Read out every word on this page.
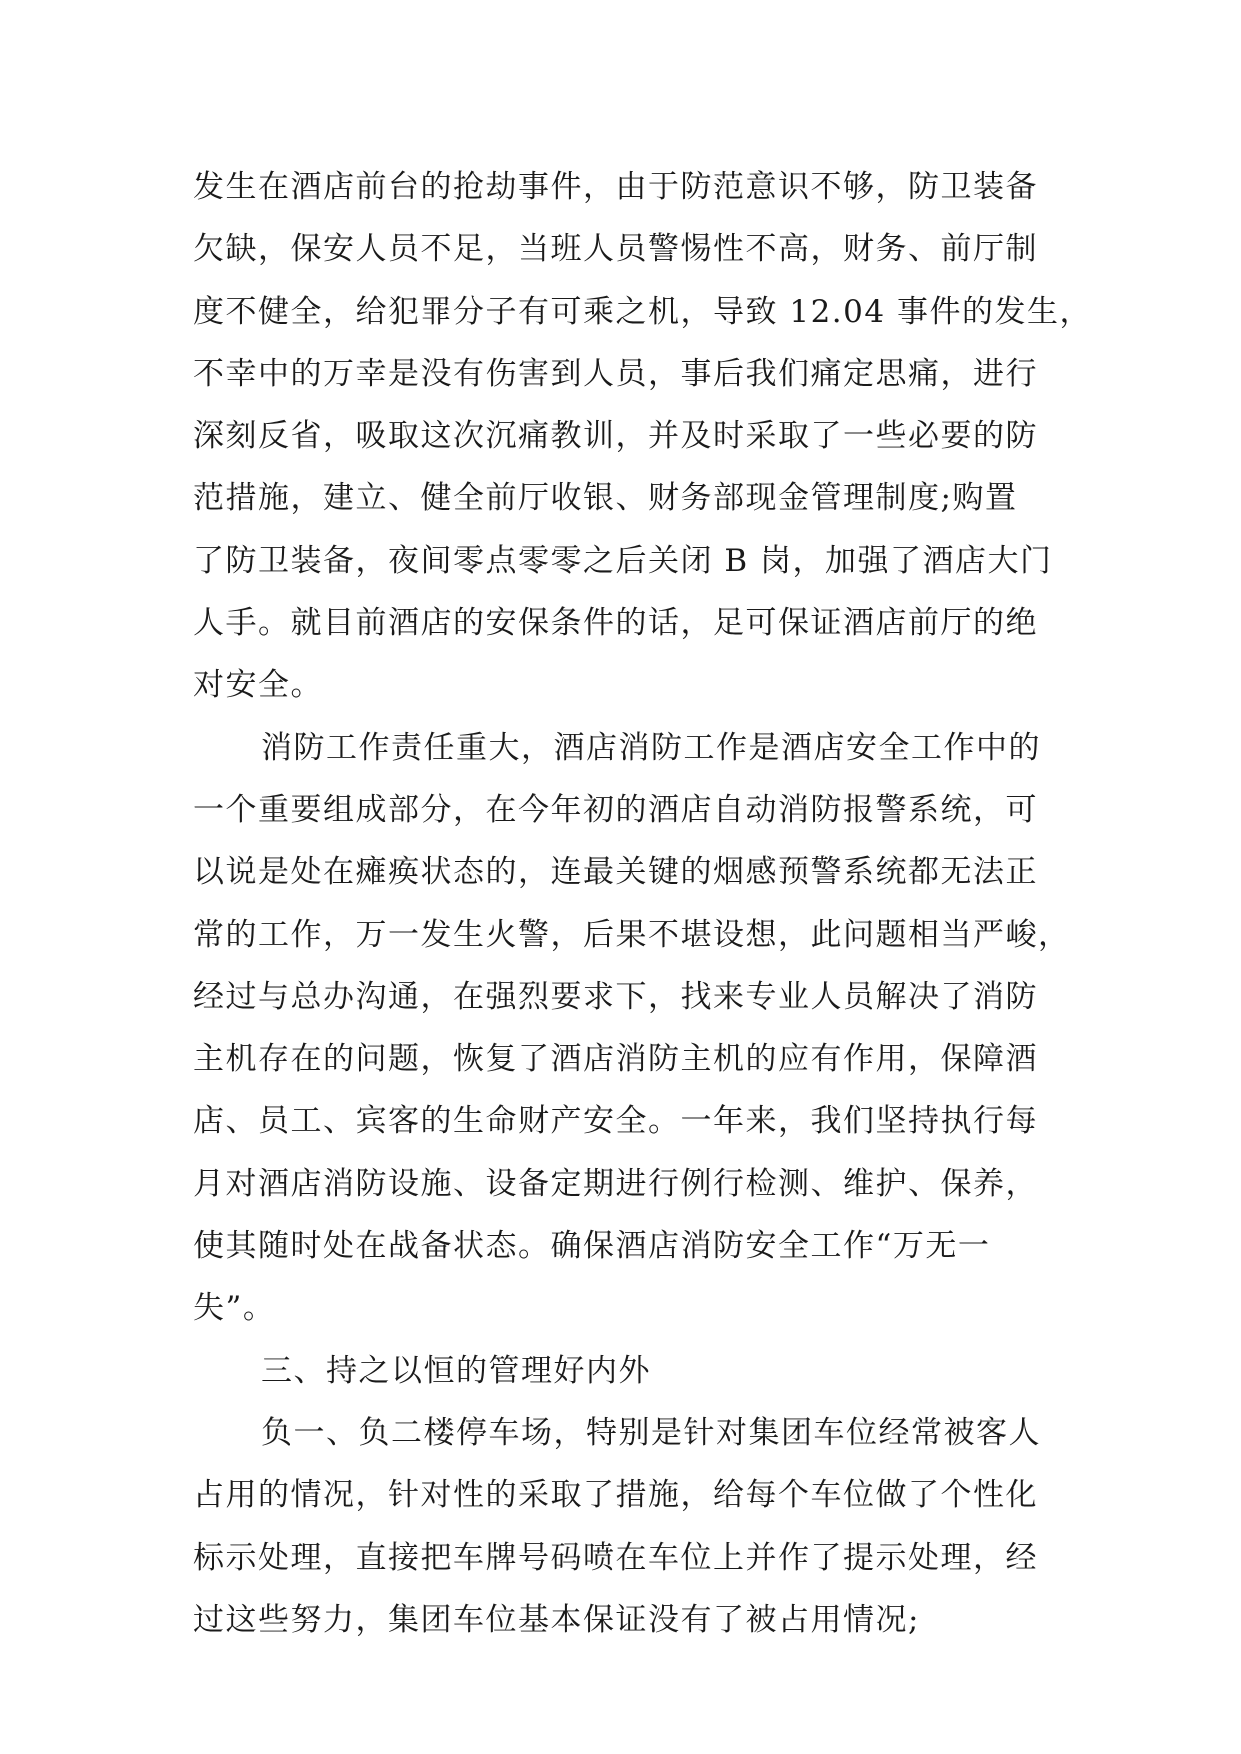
发生在酒店前台的抢劫事件，由于防范意识不够，防卫装备
欠缺，保安人员不足，当班人员警惕性不高，财务、前厅制
度不健全，给犯罪分子有可乘之机，导致 12.04 事件的发生，
不幸中的万幸是没有伤害到人员，事后我们痛定思痛，进行
深刻反省，吸取这次沉痛教训，并及时采取了一些必要的防
范措施，建立、健全前厅收银、财务部现金管理制度;购置
了防卫装备，夜间零点零零之后关闭 B 岗，加强了酒店大门
人手。就目前酒店的安保条件的话，足可保证酒店前厅的绝
对安全。
消防工作责任重大，酒店消防工作是酒店安全工作中的
一个重要组成部分，在今年初的酒店自动消防报警系统，可
以说是处在瘫痪状态的，连最关键的烟感预警系统都无法正
常的工作，万一发生火警，后果不堪设想，此问题相当严峻，
经过与总办沟通，在强烈要求下，找来专业人员解决了消防
主机存在的问题，恢复了酒店消防主机的应有作用，保障酒
店、员工、宾客的生命财产安全。一年来，我们坚持执行每
月对酒店消防设施、设备定期进行例行检测、维护、保养，
使其随时处在战备状态。确保酒店消防安全工作“万无一
失”。
三、持之以恒的管理好内外
负一、负二楼停车场，特别是针对集团车位经常被客人
占用的情况，针对性的采取了措施，给每个车位做了个性化
标示处理，直接把车牌号码喷在车位上并作了提示处理，经
过这些努力，集团车位基本保证没有了被占用情况;
